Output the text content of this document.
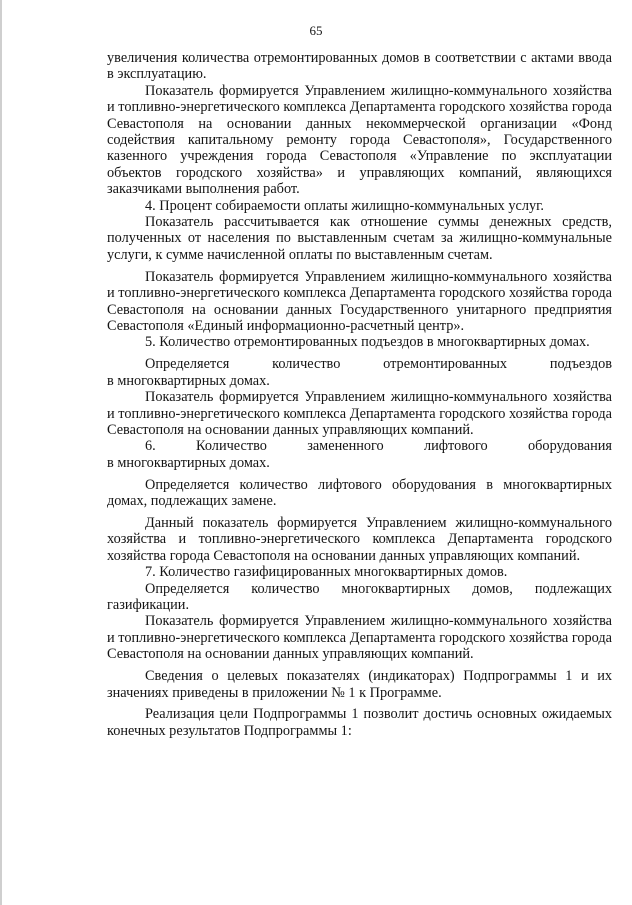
65

увеличения количества отремонтированных домов в соответствии с актами ввода в эксплуатацию.

Показатель формируется Управлением жилищно-коммунального хозяйства и топливно-энергетического комплекса Департамента городского хозяйства города Севастополя на основании данных некоммерческой организации «Фонд содействия капитальному ремонту города Севастополя», Государственного казенного учреждения города Севастополя «Управление по эксплуатации объектов городского хозяйства» и управляющих компаний, являющихся заказчиками выполнения работ.

4. Процент собираемости оплаты жилищно-коммунальных услуг.

Показатель рассчитывается как отношение суммы денежных средств, полученных от населения по выставленным счетам за жилищно-коммунальные услуги, к сумме начисленной оплаты по выставленным счетам.

Показатель формируется Управлением жилищно-коммунального хозяйства и топливно-энергетического комплекса Департамента городского хозяйства города Севастополя на основании данных Государственного унитарного предприятия Севастополя «Единый информационно-расчетный центр».

5. Количество отремонтированных подъездов в многоквартирных домах.

Определяется количество отремонтированных подъездов

в многоквартирных домах.

Показатель формируется Управлением жилищно-коммунального хозяйства и топливно-энергетического комплекса Департамента городского хозяйства города Севастополя на основании данных управляющих компаний.

6. Количество замененного лифтового оборудования

в многоквартирных домах.

Определяется количество лифтового оборудования в многоквартирных домах, подлежащих замене.

Данный показатель формируется Управлением жилищно-коммунального хозяйства и топливно-энергетического комплекса Департамента городского хозяйства города Севастополя на основании данных управляющих компаний.

7. Количество газифицированных многоквартирных домов.

Определяется количество многоквартирных домов, подлежащих газификации.

Показатель формируется Управлением жилищно-коммунального хозяйства и топливно-энергетического комплекса Департамента городского хозяйства города Севастополя на основании данных управляющих компаний.

Сведения о целевых показателях (индикаторах) Подпрограммы 1 и их значениях приведены в приложении № 1 к Программе.

Реализация цели Подпрограммы 1 позволит достичь основных ожидаемых конечных результатов Подпрограммы 1:
